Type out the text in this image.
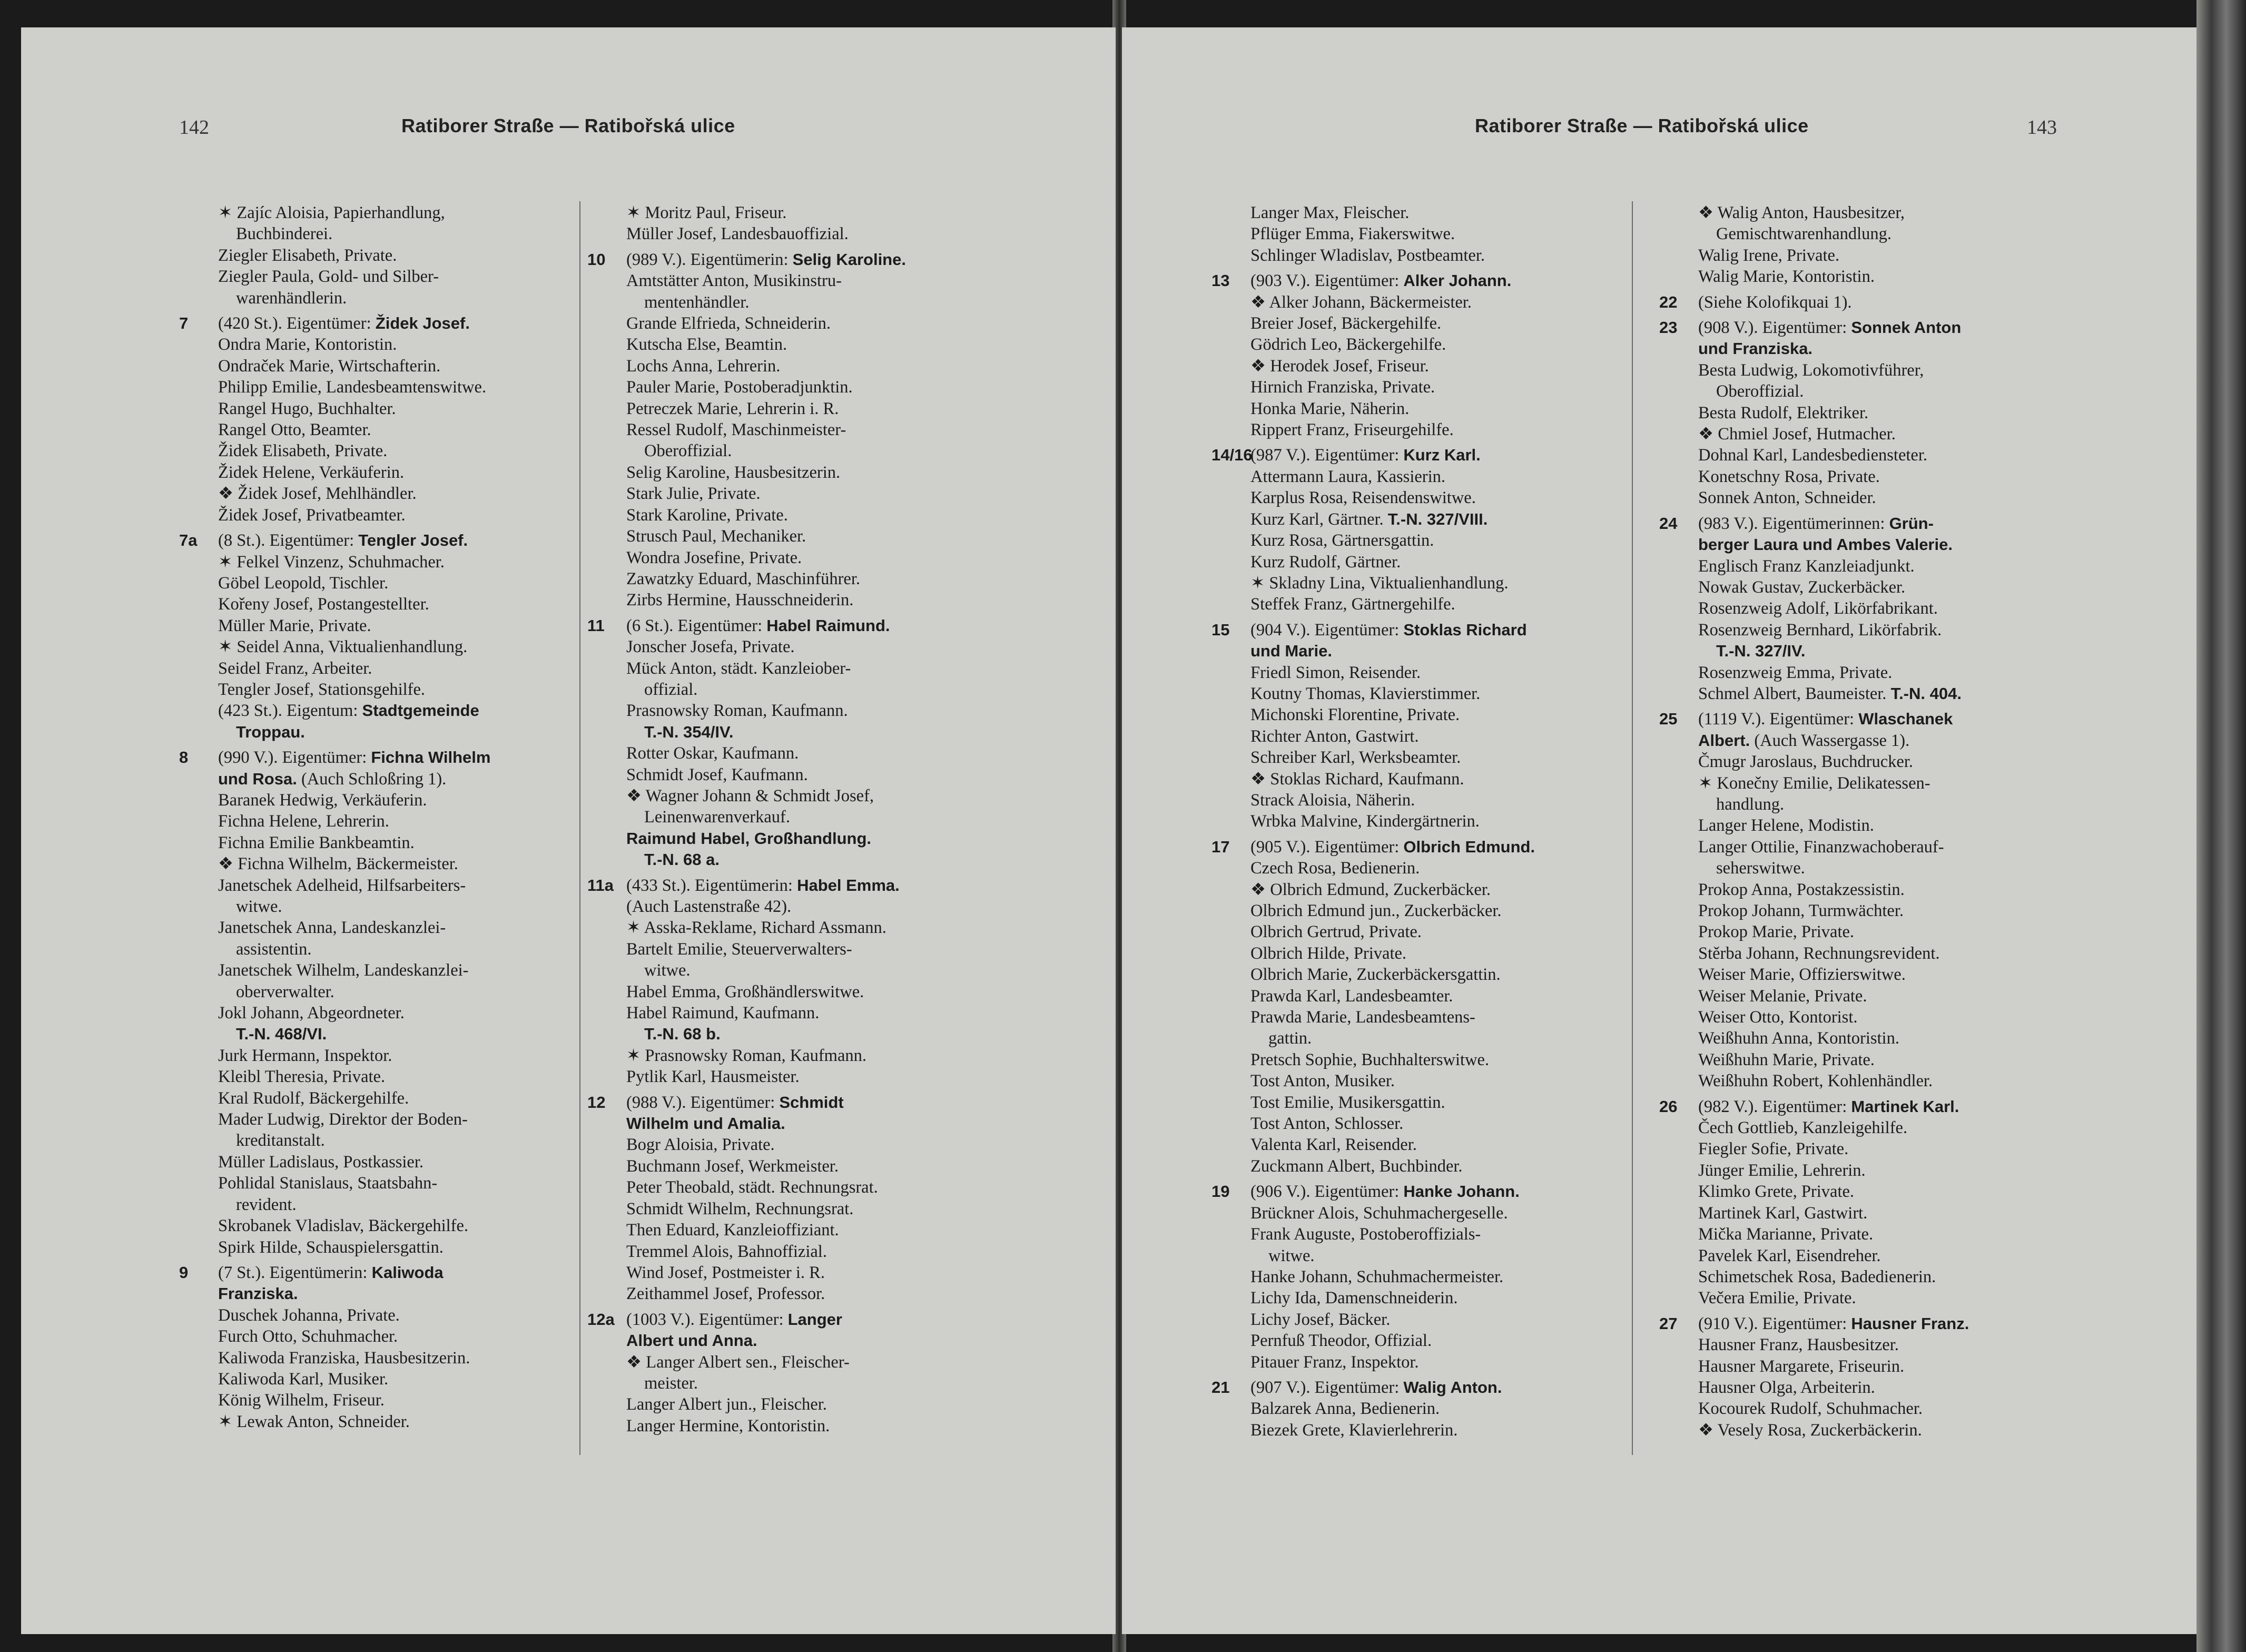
142	Ratiborer Straße — Ratibořská ulice
✶ Zajíc Aloisia, Papierhandlung,
Buchbinderei.
Ziegler Elisabeth, Private.
Ziegler Paula, Gold- und Silber-
warenhändlerin.
7 (420 St.). Eigentümer: Židek Josef.
Ondra Marie, Kontoristin.
Ondraček Marie, Wirtschafterin.
Philipp Emilie, Landesbeamtenswitwe.
Rangel Hugo, Buchhalter.
Rangel Otto, Beamter.
Židek Elisabeth, Private.
Židek Helene, Verkäuferin.
❖ Židek Josef, Mehlhändler.
Židek Josef, Privatbeamter.
7a (8 St.). Eigentümer: Tengler Josef.
✶ Felkel Vinzenz, Schuhmacher.
Göbel Leopold, Tischler.
Kořeny Josef, Postangestellter.
Müller Marie, Private.
✶ Seidel Anna, Viktualienhandlung.
Seidel Franz, Arbeiter.
Tengler Josef, Stationsgehilfe.
(423 St.). Eigentum: Stadtgemeinde
Troppau.
8 (990 V.). Eigentümer: Fichna Wilhelm
und Rosa. (Auch Schloßring 1).
Baranek Hedwig, Verkäuferin.
Fichna Helene, Lehrerin.
Fichna Emilie Bankbeamtin.
❖ Fichna Wilhelm, Bäckermeister.
Janetschek Adelheid, Hilfsarbeiters-
witwe.
Janetschek Anna, Landeskanzlei-
assistentin.
Janetschek Wilhelm, Landeskanzlei-
oberverwalter.
Jokl Johann, Abgeordneter.
T.-N. 468/VI.
Jurk Hermann, Inspektor.
Kleibl Theresia, Private.
Kral Rudolf, Bäckergehilfe.
Mader Ludwig, Direktor der Boden-
kreditanstalt.
Müller Ladislaus, Postkassier.
Pohlidal Stanislaus, Staatsbahn-
revident.
Skrobanek Vladislav, Bäckergehilfe.
Spirk Hilde, Schauspielersgattin.
9 (7 St.). Eigentümerin: Kaliwoda
Franziska.
Duschek Johanna, Private.
Furch Otto, Schuhmacher.
Kaliwoda Franziska, Hausbesitzerin.
Kaliwoda Karl, Musiker.
König Wilhelm, Friseur.
✶ Lewak Anton, Schneider.
✶ Moritz Paul, Friseur.
Müller Josef, Landesbauoffizial.
10 (989 V.). Eigentümerin: Selig Karoline.
Amtstätter Anton, Musikinstru-
mentenhändler.
Grande Elfrieda, Schneiderin.
Kutscha Else, Beamtin.
Lochs Anna, Lehrerin.
Pauler Marie, Postoberadjunktin.
Petreczek Marie, Lehrerin i. R.
Ressel Rudolf, Maschinmeister-
Oberoffizial.
Selig Karoline, Hausbesitzerin.
Stark Julie, Private.
Stark Karoline, Private.
Strusch Paul, Mechaniker.
Wondra Josefine, Private.
Zawatzky Eduard, Maschinführer.
Zirbs Hermine, Hausschneiderin.
11 (6 St.). Eigentümer: Habel Raimund.
Jonscher Josefa, Private.
Mück Anton, städt. Kanzleiober-
offizial.
Prasnowsky Roman, Kaufmann.
T.-N. 354/IV.
Rotter Oskar, Kaufmann.
Schmidt Josef, Kaufmann.
❖ Wagner Johann & Schmidt Josef,
Leinenwarenverkauf.
Raimund Habel, Großhandlung.
T.-N. 68 a.
11a (433 St.). Eigentümerin: Habel Emma.
(Auch Lastenstraße 42).
✶ Asska-Reklame, Richard Assmann.
Bartelt Emilie, Steuerverwalters-
witwe.
Habel Emma, Großhändlerswitwe.
Habel Raimund, Kaufmann.
T.-N. 68 b.
✶ Prasnowsky Roman, Kaufmann.
Pytlik Karl, Hausmeister.
12 (988 V.). Eigentümer: Schmidt
Wilhelm und Amalia.
Bogr Aloisia, Private.
Buchmann Josef, Werkmeister.
Peter Theobald, städt. Rechnungsrat.
Schmidt Wilhelm, Rechnungsrat.
Then Eduard, Kanzleioffiziant.
Tremmel Alois, Bahnoffizial.
Wind Josef, Postmeister i. R.
Zeithammel Josef, Professor.
12a (1003 V.). Eigentümer: Langer
Albert und Anna.
❖ Langer Albert sen., Fleischer-
meister.
Langer Albert jun., Fleischer.
Langer Hermine, Kontoristin.
143
Ratiborer Straße — Ratibořská ulice
Langer Max, Fleischer.
Pflüger Emma, Fiakerswitwe.
Schlinger Wladislav, Postbeamter.
13 (903 V.). Eigentümer: Alker Johann.
❖ Alker Johann, Bäckermeister.
Breier Josef, Bäckergehilfe.
Gödrich Leo, Bäckergehilfe.
❖ Herodek Josef, Friseur.
Hirnich Franziska, Private.
Honka Marie, Näherin.
Rippert Franz, Friseurgehilfe.
14/16(987 V.). Eigentümer: Kurz Karl.
Attermann Laura, Kassierin.
Karplus Rosa, Reisendenswitwe.
Kurz Karl, Gärtner. T.-N. 327/VIII.
Kurz Rosa, Gärtnersgattin.
Kurz Rudolf, Gärtner.
✶ Skladny Lina, Viktualienhandlung.
Steffek Franz, Gärtnergehilfe.
15 (904 V.). Eigentümer: Stoklas Richard
und Marie.
Friedl Simon, Reisender.
Koutny Thomas, Klavierstimmer.
Michonski Florentine, Private.
Richter Anton, Gastwirt.
Schreiber Karl, Werksbeamter.
❖ Stoklas Richard, Kaufmann.
Strack Aloisia, Näherin.
Wrbka Malvine, Kindergärtnerin.
17 (905 V.). Eigentümer: Olbrich Edmund.
Czech Rosa, Bedienerin.
❖ Olbrich Edmund, Zuckerbäcker.
Olbrich Edmund jun., Zuckerbäcker.
Olbrich Gertrud, Private.
Olbrich Hilde, Private.
Olbrich Marie, Zuckerbäckersgattin.
Prawda Karl, Landesbeamter.
Prawda Marie, Landesbeamtens-
gattin.
Pretsch Sophie, Buchhalterswitwe.
Tost Anton, Musiker.
Tost Emilie, Musikersgattin.
Tost Anton, Schlosser.
Valenta Karl, Reisender.
Zuckmann Albert, Buchbinder.
19 (906 V.). Eigentümer: Hanke Johann.
Brückner Alois, Schuhmachergeselle.
Frank Auguste, Postoberoffizials-
witwe.
Hanke Johann, Schuhmachermeister.
Lichy Ida, Damenschneiderin.
Lichy Josef, Bäcker.
Pernfuß Theodor, Offizial.
Pitauer Franz, Inspektor.
21 (907 V.). Eigentümer: Walig Anton.
Balzarek Anna, Bedienerin.
Biezek Grete, Klavierlehrerin.
❖ Walig Anton, Hausbesitzer,
Gemischtwarenhandlung.
Walig Irene, Private.
Walig Marie, Kontoristin.
22 (Siehe Kolofikquai 1).
23 (908 V.). Eigentümer: Sonnek Anton
und Franziska.
Besta Ludwig, Lokomotivführer,
Oberoffizial.
Besta Rudolf, Elektriker.
❖ Chmiel Josef, Hutmacher.
Dohnal Karl, Landesbediensteter.
Konetschny Rosa, Private.
Sonnek Anton, Schneider.
24 (983 V.). Eigentümerinnen: Grün-
berger Laura und Ambes Valerie.
Englisch Franz Kanzleiadjunkt.
Nowak Gustav, Zuckerbäcker.
Rosenzweig Adolf, Likörfabrikant.
Rosenzweig Bernhard, Likörfabrik.
T.-N. 327/IV.
Rosenzweig Emma, Private.
Schmel Albert, Baumeister. T.-N. 404.
25 (1119 V.). Eigentümer: Wlaschanek
Albert. (Auch Wassergasse 1).
Čmugr Jaroslaus, Buchdrucker.
✶ Konečny Emilie, Delikatessen-
handlung.
Langer Helene, Modistin.
Langer Ottilie, Finanzwachoberauf-
seherswitwe.
Prokop Anna, Postakzessistin.
Prokop Johann, Turmwächter.
Prokop Marie, Private.
Stěrba Johann, Rechnungsrevident.
Weiser Marie, Offizierswitwe.
Weiser Melanie, Private.
Weiser Otto, Kontorist.
Weißhuhn Anna, Kontoristin.
Weißhuhn Marie, Private.
Weißhuhn Robert, Kohlenhändler.
26 (982 V.). Eigentümer: Martinek Karl.
Čech Gottlieb, Kanzleigehilfe.
Fiegler Sofie, Private.
Jünger Emilie, Lehrerin.
Klimko Grete, Private.
Martinek Karl, Gastwirt.
Mička Marianne, Private.
Pavelek Karl, Eisendreher.
Schimetschek Rosa, Badedienerin.
Večera Emilie, Private.
27 (910 V.). Eigentümer: Hausner Franz.
Hausner Franz, Hausbesitzer.
Hausner Margarete, Friseurin.
Hausner Olga, Arbeiterin.
Kocourek Rudolf, Schuhmacher.
❖ Vesely Rosa, Zuckerbäckerin.
